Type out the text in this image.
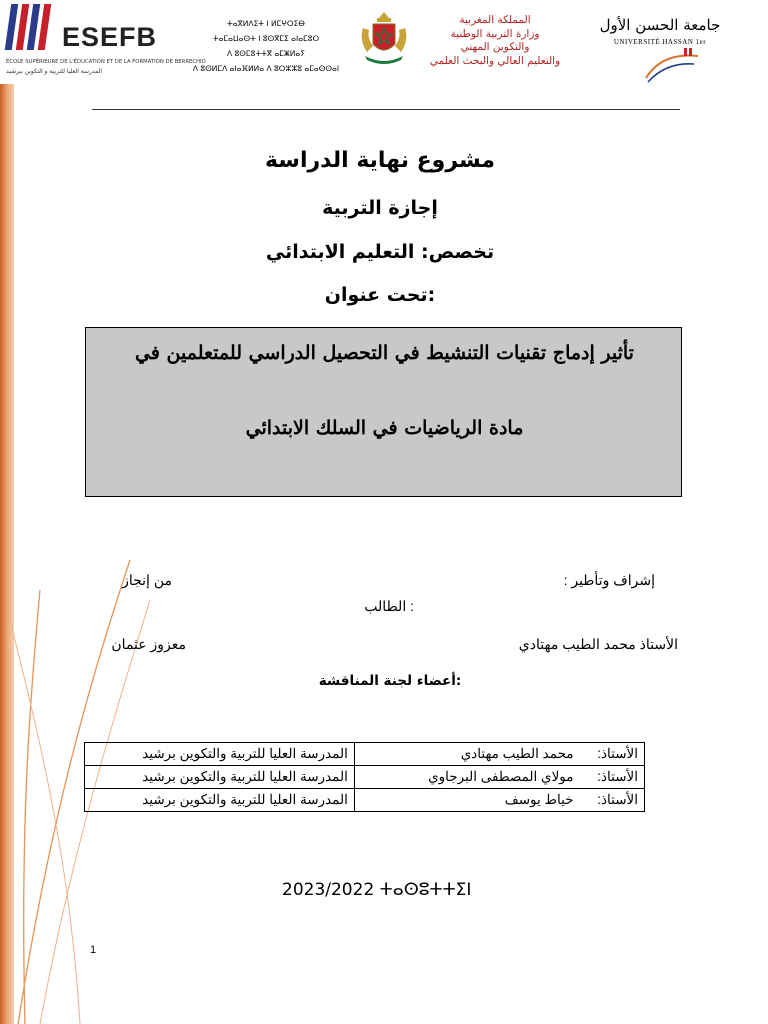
ESEFB
ÉCOLE SUPÉRIEURE DE L'ÉDUCATION ET DE LA FORMATION DE BERRECHID
المدرسة العليا للتربية و التكوين ببرشيد
ⵜⴰⴳⵍⴷⵉⵜ ⵏ ⵍⵎⵖⵔⵉⴱ
ⵜⴰⵎⴰⵡⴰⵙⵜ ⵏ ⵓⵙⴳⵎⵉ ⴰⵏⴰⵎⵓⵔ
ⴷ ⵓⵙⵎⵓⵜⵜⴳ ⴰⵎⵥⵍⴰⵢ
ⴷ ⵓⵙⵍⵎⴷ ⴰⵏⴰⴼⵍⵍⴰ ⴷ ⵓⵔⵣⵣⵓ ⴰⵎⴰⵙⵙⴰⵏ
المملكة المغربية
وزارة التربية الوطنية
والتكوين المهني
والتعليم العالي والبحث العلمي
جامعة الحسن الأول
UNIVERSITÉ HASSAN 1er
مشروع نهاية الدراسة
إجازة التربية
تخصص: التعليم الابتدائي
:تحت عنوان
تأثير إدماج تقنيات التنشيط في التحصيل الدراسي للمتعلمين في
مادة الرياضيات في السلك الابتدائي
إشراف وتأطير :
من إنجاز
: الطالب
الأستاذ محمد الطيب مهتادي
معزوز عثمان
:أعضاء لجنة المناقشة
الأستاذ: محمد الطيب مهتادي	المدرسة العليا للتربية والتكوين برشيد
الأستاذ: مولاي المصطفى البرجاوي	المدرسة العليا للتربية والتكوين برشيد
الأستاذ: خياط يوسف	المدرسة العليا للتربية والتكوين برشيد
2023/2022 ⵜⴰⵙⵓⵜⵜⵉⵏ
1
